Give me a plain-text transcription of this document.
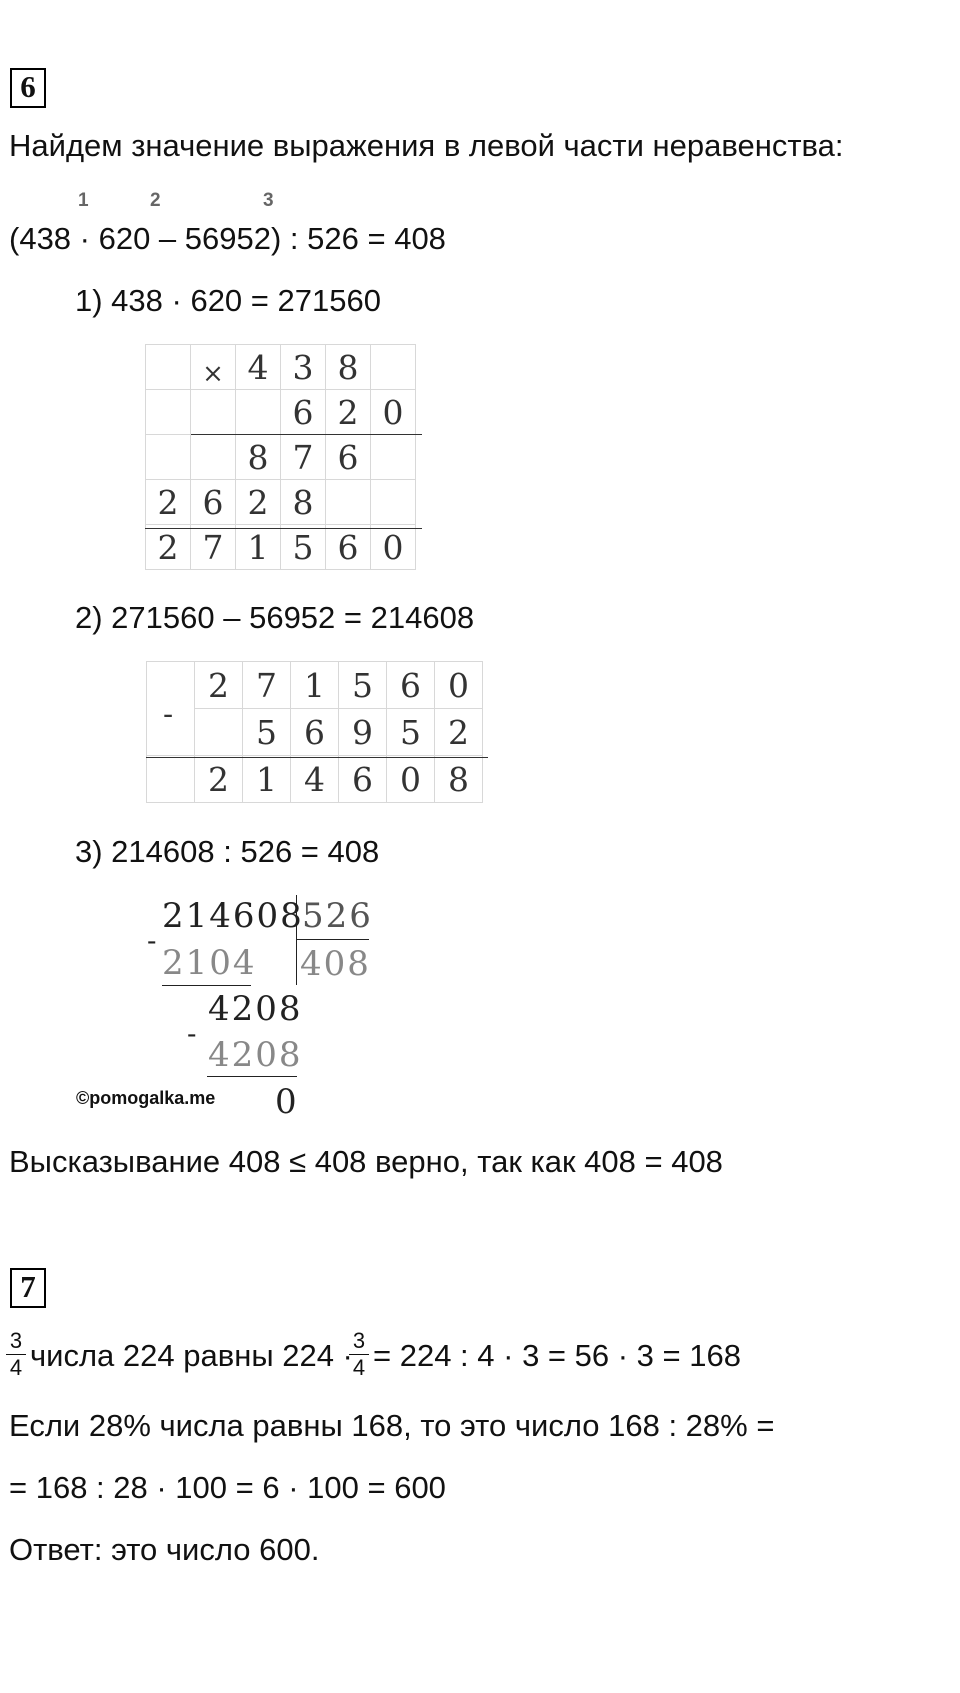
6
Найдем значение выражения в левой части неравенства:
1	2	3
(438 · 620 – 56952) : 526 = 408
1) 438 · 620 = 271560
	×	4	3	8	
			6	2	0
		8	7	6	
2	6	2	8		
2	7	1	5	6	0
2) 271560 – 56952 = 214608
-
	2	7	1	5	6	0
		5	6	9	5	2
	2	1	4	6	0	8
3) 214608 : 526 = 408
214608
526
408
-
2104
4208
-
4208
0
©pomogalka.me
Высказывание 408 ≤ 408 верно, так как 408 = 408
7
3
4 числа 224 равны 224 · 3
4 = 224 : 4 · 3 = 56 · 3 = 168
Если 28% числа равны 168, то это число 168 : 28% =
= 168 : 28 · 100 = 6 · 100 = 600
Ответ: это число 600.
